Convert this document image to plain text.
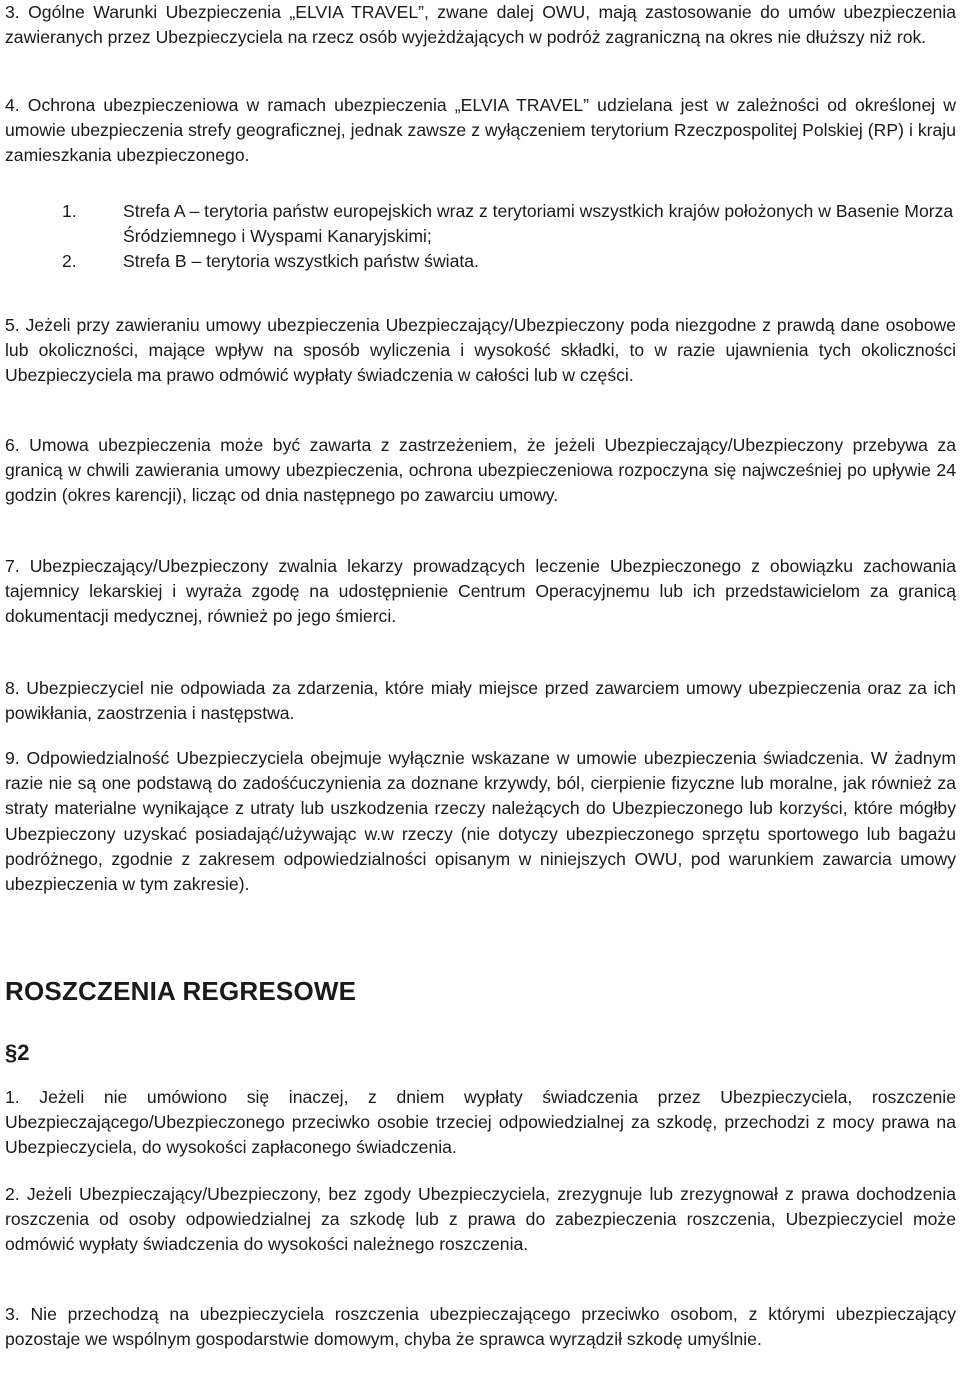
3. Ogólne Warunki Ubezpieczenia „ELVIA TRAVEL”, zwane dalej OWU, mają zastosowanie do umów ubezpieczenia zawieranych przez Ubezpieczyciela na rzecz osób wyjeżdżających w podróż zagraniczną na okres nie dłuższy niż rok.

4. Ochrona ubezpieczeniowa w ramach ubezpieczenia „ELVIA TRAVEL” udzielana jest w zależności od określonej w umowie ubezpieczenia strefy geograficznej, jednak zawsze z wyłączeniem terytorium Rzeczpospolitej Polskiej (RP) i kraju zamieszkania ubezpieczonego.

1.	Strefa A – terytoria państw europejskich wraz z terytoriami wszystkich krajów położonych w Basenie Morza Śródziemnego i Wyspami Kanaryjskimi;
2.	Strefa B – terytoria wszystkich państw świata.

5. Jeżeli przy zawieraniu umowy ubezpieczenia Ubezpieczający/Ubezpieczony poda niezgodne z prawdą dane osobowe lub okoliczności, mające wpływ na sposób wyliczenia i wysokość składki, to w razie ujawnienia tych okoliczności Ubezpieczyciela ma prawo odmówić wypłaty świadczenia w całości lub w części.

6. Umowa ubezpieczenia może być zawarta z zastrzeżeniem, że jeżeli Ubezpieczający/Ubezpieczony przebywa za granicą w chwili zawierania umowy ubezpieczenia, ochrona ubezpieczeniowa rozpoczyna się najwcześniej po upływie 24 godzin (okres karencji), licząc od dnia następnego po zawarciu umowy.

7. Ubezpieczający/Ubezpieczony zwalnia lekarzy prowadzących leczenie Ubezpieczonego z obowiązku zachowania tajemnicy lekarskiej i wyraża zgodę na udostępnienie Centrum Operacyjnemu lub ich przedstawicielom za granicą dokumentacji medycznej, również po jego śmierci.

8. Ubezpieczyciel nie odpowiada za zdarzenia, które miały miejsce przed zawarciem umowy ubezpieczenia oraz za ich powikłania, zaostrzenia i następstwa.

9. Odpowiedzialność Ubezpieczyciela obejmuje wyłącznie wskazane w umowie ubezpieczenia świadczenia. W żadnym razie nie są one podstawą do zadośćuczynienia za doznane krzywdy, ból, cierpienie fizyczne lub moralne, jak również za straty materialne wynikające z utraty lub uszkodzenia rzeczy należących do Ubezpieczonego lub korzyści, które mógłby Ubezpieczony uzyskać posiadająć/używając w.w rzeczy (nie dotyczy ubezpieczonego sprzętu sportowego lub bagażu podróżnego, zgodnie z zakresem odpowiedzialności opisanym w niniejszych OWU, pod warunkiem zawarcia umowy ubezpieczenia w tym zakresie).

ROSZCZENIA REGRESOWE
§2

1. Jeżeli nie umówiono się inaczej, z dniem wypłaty świadczenia przez Ubezpieczyciela, roszczenie Ubezpieczającego/Ubezpieczonego przeciwko osobie trzeciej odpowiedzialnej za szkodę, przechodzi z mocy prawa na Ubezpieczyciela, do wysokości zapłaconego świadczenia.

2. Jeżeli Ubezpieczający/Ubezpieczony, bez zgody Ubezpieczyciela, zrezygnuje lub zrezygnował z prawa dochodzenia roszczenia od osoby odpowiedzialnej za szkodę lub z prawa do zabezpieczenia roszczenia, Ubezpieczyciel może odmówić wypłaty świadczenia do wysokości należnego roszczenia.

3. Nie przechodzą na ubezpieczyciela roszczenia ubezpieczającego przeciwko osobom, z którymi ubezpieczający pozostaje we wspólnym gospodarstwie domowym, chyba że sprawca wyrządził szkodę umyślnie.
